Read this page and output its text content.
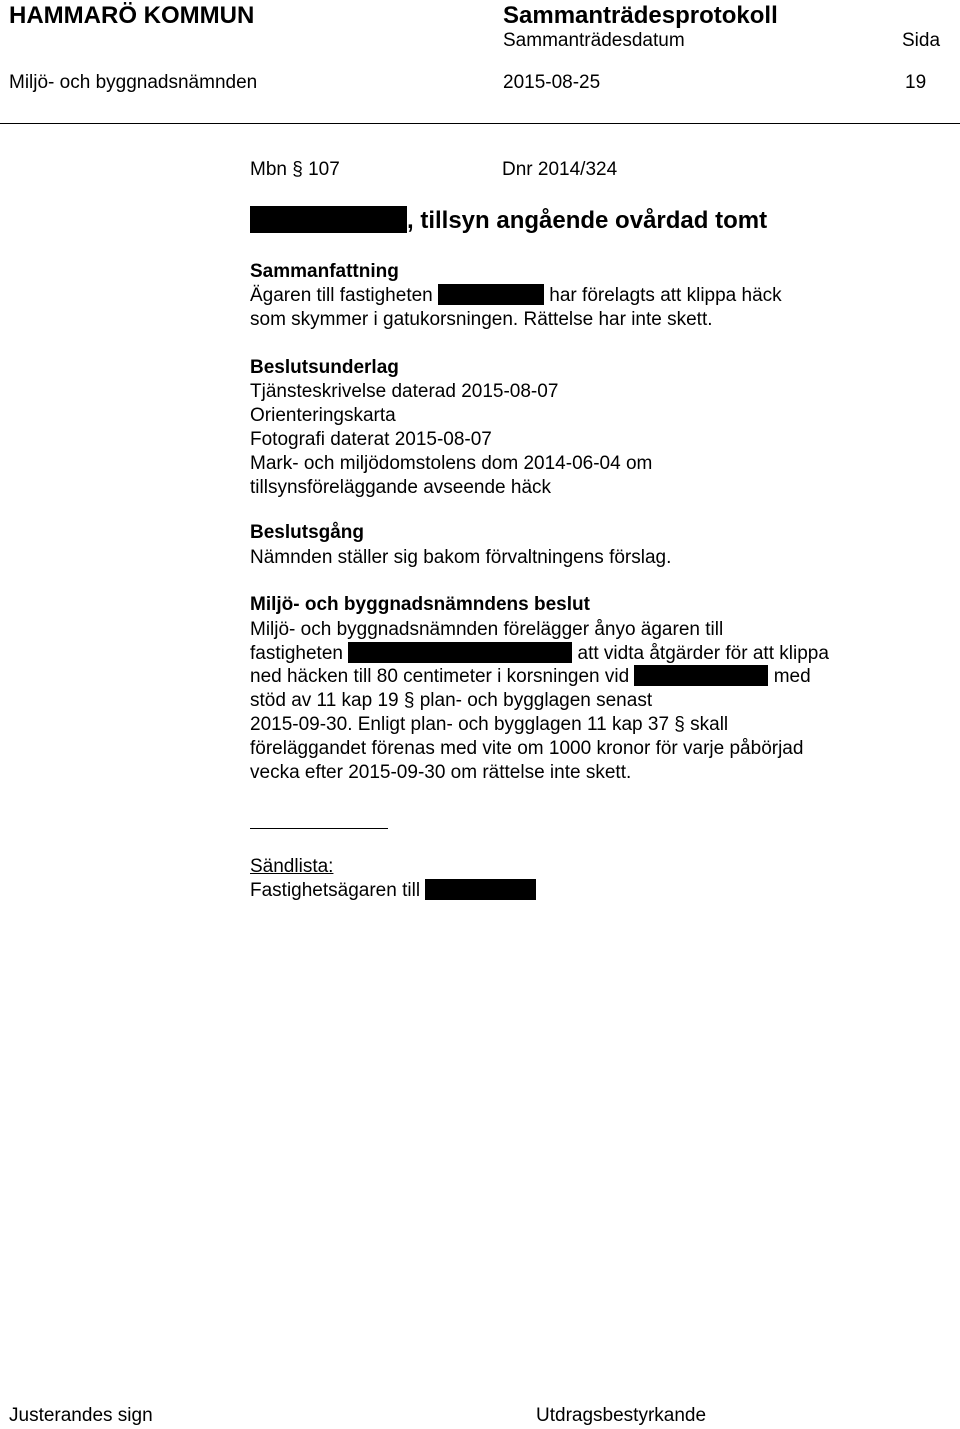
HAMMARÖ KOMMUN	Sammanträdesprotokoll
Sammanträdesdatum	Sida
Miljö- och byggnadsnämnden	2015-08-25	19
Mbn § 107	Dnr 2014/324
, tillsyn angående ovårdad tomt
Sammanfattning
Ägaren till fastigheten	har förelagts att klippa häck
som skymmer i gatukorsningen. Rättelse har inte skett.
Beslutsunderlag
Tjänsteskrivelse daterad 2015-08-07
Orienteringskarta
Fotografi daterat 2015-08-07
Mark- och miljödomstolens dom 2014-06-04 om
tillsynsföreläggande avseende häck
Beslutsgång
Nämnden ställer sig bakom förvaltningens förslag.
Miljö- och byggnadsnämndens beslut
Miljö- och byggnadsnämnden förelägger ånyo ägaren till
fastigheten	att vidta åtgärder för att klippa
ned häcken till 80 centimeter i korsningen vid	med
stöd av 11 kap 19 § plan- och bygglagen senast
2015-09-30. Enligt plan- och bygglagen 11 kap 37 § skall
föreläggandet förenas med vite om 1000 kronor för varje påbörjad
vecka efter 2015-09-30 om rättelse inte skett.
Sändlista:
Fastighetsägaren till
Justerandes sign	Utdragsbestyrkande
